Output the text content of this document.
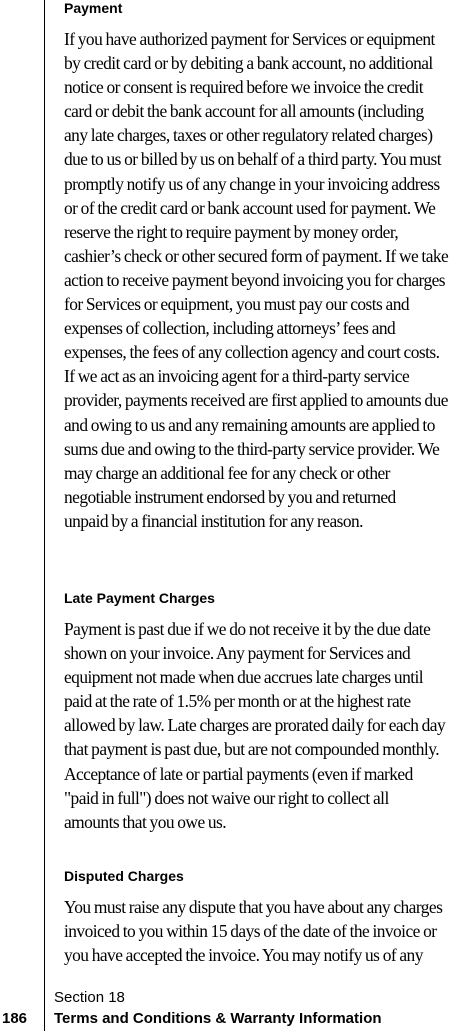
Payment

If you have authorized payment for Services or equipment
by credit card or by debiting a bank account, no additional
notice or consent is required before we invoice the credit
card or debit the bank account for all amounts (including
any late charges, taxes or other regulatory related charges)
due to us or billed by us on behalf of a third party. You must
promptly notify us of any change in your invoicing address
or of the credit card or bank account used for payment. We
reserve the right to require payment by money order,
cashier’s check or other secured form of payment. If we take
action to receive payment beyond invoicing you for charges
for Services or equipment, you must pay our costs and
expenses of collection, including attorneys’ fees and
expenses, the fees of any collection agency and court costs.
If we act as an invoicing agent for a third-party service
provider, payments received are first applied to amounts due
and owing to us and any remaining amounts are applied to
sums due and owing to the third-party service provider. We
may charge an additional fee for any check or other
negotiable instrument endorsed by you and returned
unpaid by a financial institution for any reason.

Late Payment Charges

Payment is past due if we do not receive it by the due date
shown on your invoice. Any payment for Services and
equipment not made when due accrues late charges until
paid at the rate of 1.5% per month or at the highest rate
allowed by law. Late charges are prorated daily for each day
that payment is past due, but are not compounded monthly.
Acceptance of late or partial payments (even if marked
"paid in full") does not waive our right to collect all
amounts that you owe us.

Disputed Charges

You must raise any dispute that you have about any charges
invoiced to you within 15 days of the date of the invoice or
you have accepted the invoice. You may notify us of any

Section 18
186 Terms and Conditions & Warranty Information
